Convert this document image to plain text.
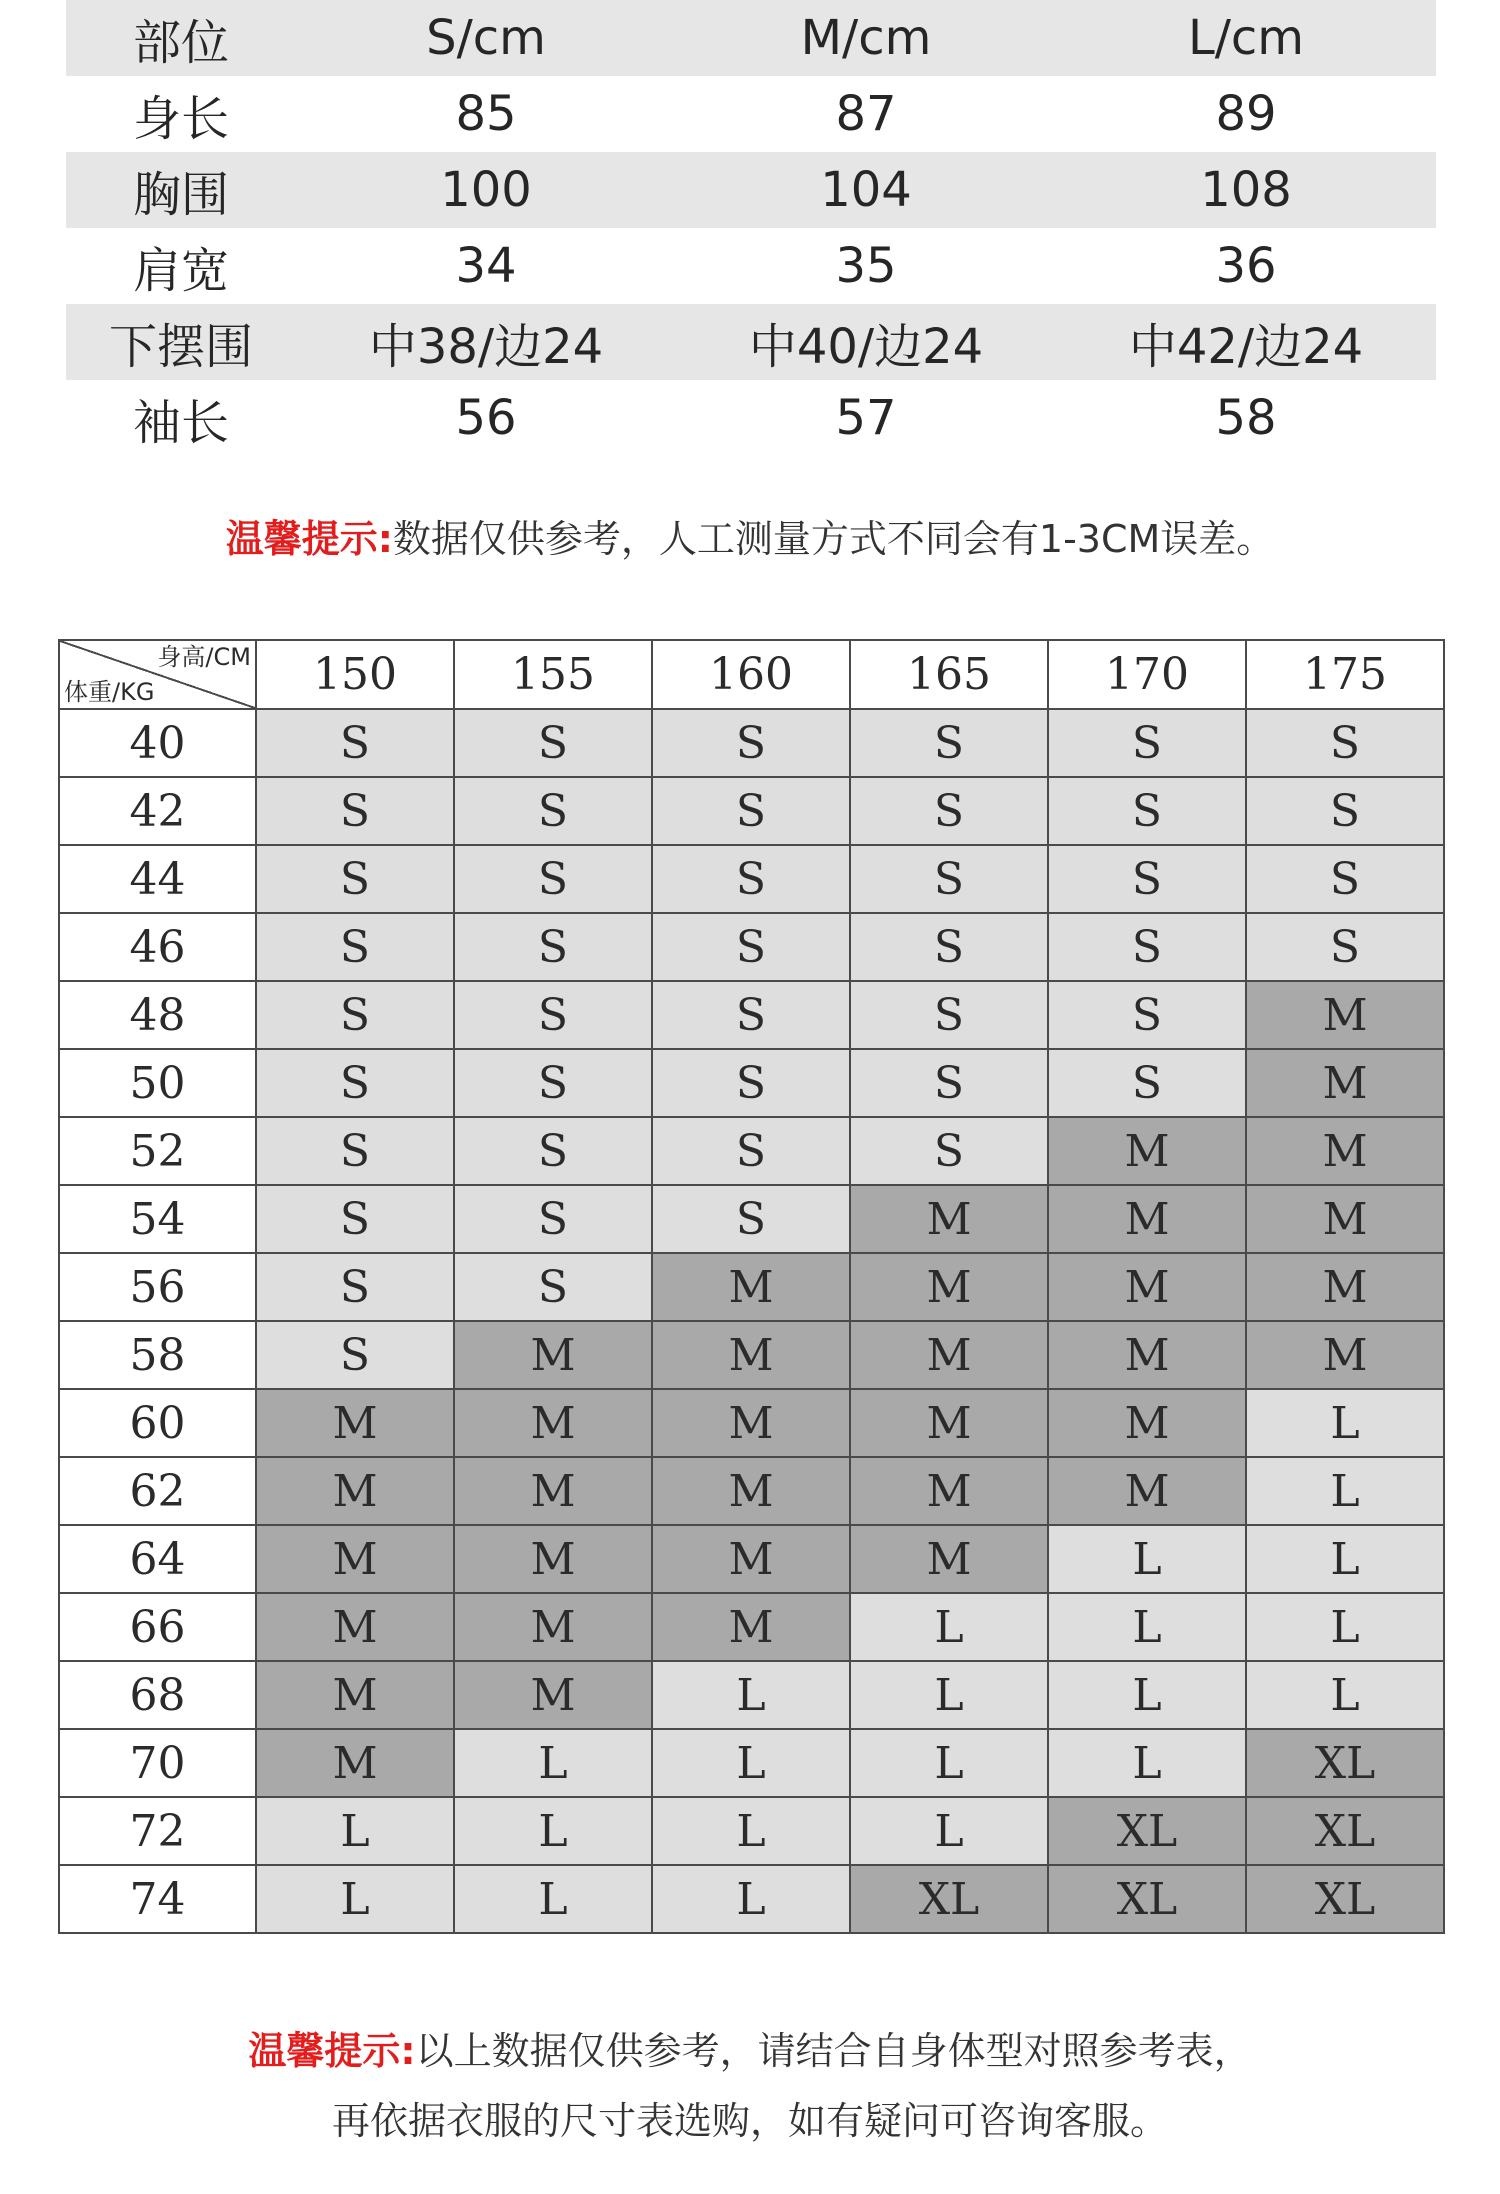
部位	S/cm	M/cm	L/cm
身长	85	87	89
胸围	100	104	108
肩宽	34	35	36
下摆围	中38/边24	中40/边24	中42/边24
袖长	56	57	58
温馨提示:数据仅供参考，人工测量方式不同会有1-3CM误差。
身高/CM
体重/KG	150	155	160	165	170	175
40	S	S	S	S	S	S
42	S	S	S	S	S	S
44	S	S	S	S	S	S
46	S	S	S	S	S	S
48	S	S	S	S	S	M
50	S	S	S	S	S	M
52	S	S	S	S	M	M
54	S	S	S	M	M	M
56	S	S	M	M	M	M
58	S	M	M	M	M	M
60	M	M	M	M	M	L
62	M	M	M	M	M	L
64	M	M	M	M	L	L
66	M	M	M	L	L	L
68	M	M	L	L	L	L
70	M	L	L	L	L	XL
72	L	L	L	L	XL	XL
74	L	L	L	XL	XL	XL
温馨提示:以上数据仅供参考，请结合自身体型对照参考表，
再依据衣服的尺寸表选购，如有疑问可咨询客服。
